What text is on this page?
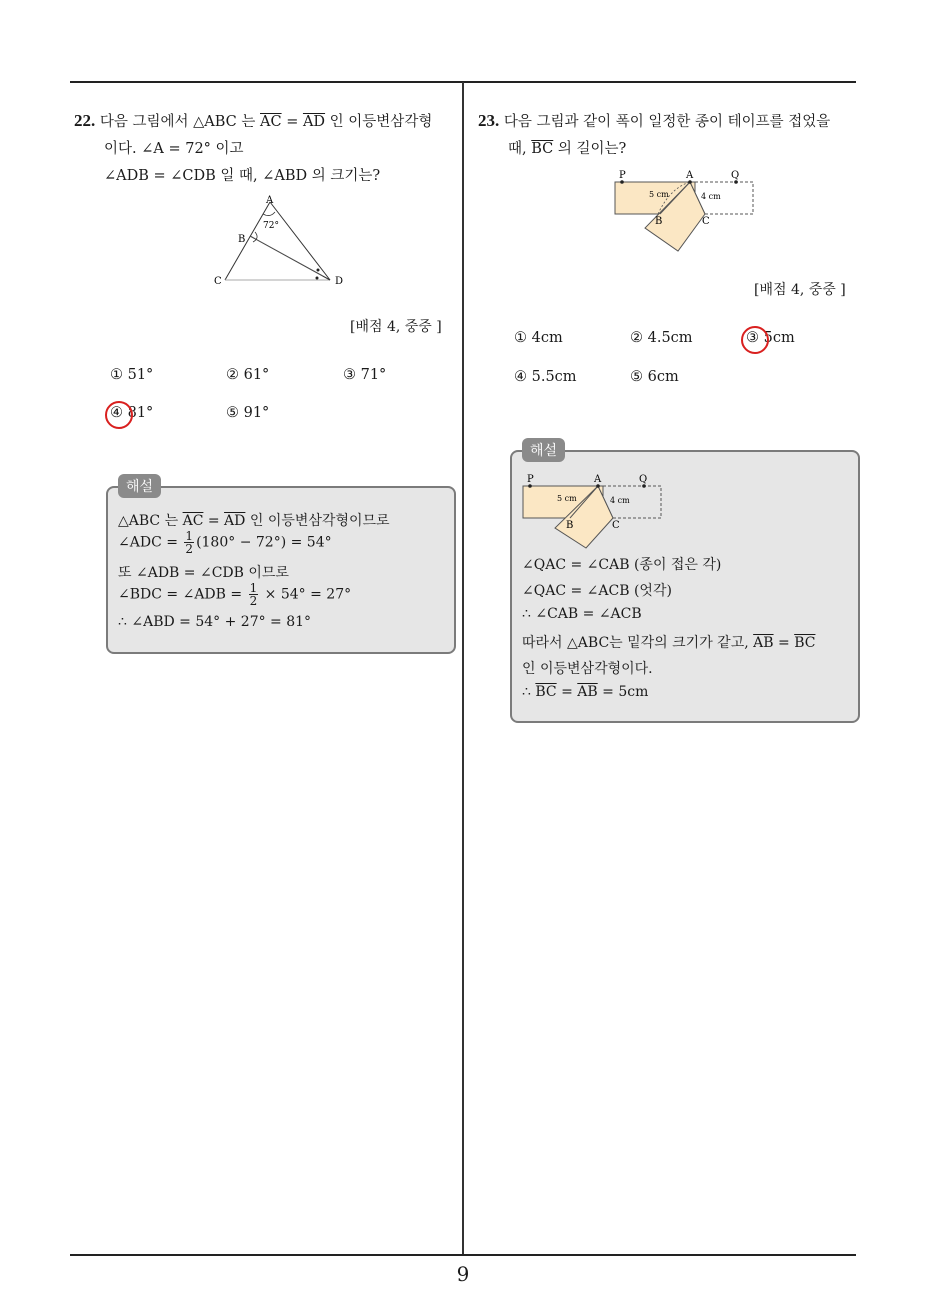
22. 다음 그림에서 △ABC 는 $\overline{AC} = \overline{AD}$ 인 이등변삼각형
이다. ∠A = 72° 이고
∠ADB = ∠CDB 일 때, ∠ABD 의 크기는?
A
B
C	D
72°
[배점 4, 중중 ]
① 51°	② 61°	③ 71°
④ 81°	⑤ 91°
해설
△ABC 는 $\overline{AC} = \overline{AD}$ 인 이등변삼각형이므로
∠ADC = $\frac{1}{2} (180^\circ - 72^\circ) = 54^\circ$
또 ∠ADB = ∠CDB 이므로
∠BDC = ∠ADB = $\frac{1}{2} \times 54^\circ = 27^\circ$
∴ ∠ABD = 54° + 27° = 81°
23. 다음 그림과 같이 폭이 일정한 종이 테이프를 접었을
때, $\overline{BC}$ 의 길이는?
P	A	Q
B	C
5 cm	4 cm
[배점 4, 중중 ]
① 4cm	② 4.5cm	③ 5cm
④ 5.5cm	⑤ 6cm
해설
P	A	Q
B	C
5 cm	4 cm
∠QAC = ∠CAB (종이 접은 각)
∠QAC = ∠ACB (엇각)
∴ ∠CAB = ∠ACB
따라서 △ABC는 밑각의 크기가 같고, $\overline{AB} = \overline{BC}$
인 이등변삼각형이다.
∴ $\overline{BC} = \overline{AB} = 5cm$
9
